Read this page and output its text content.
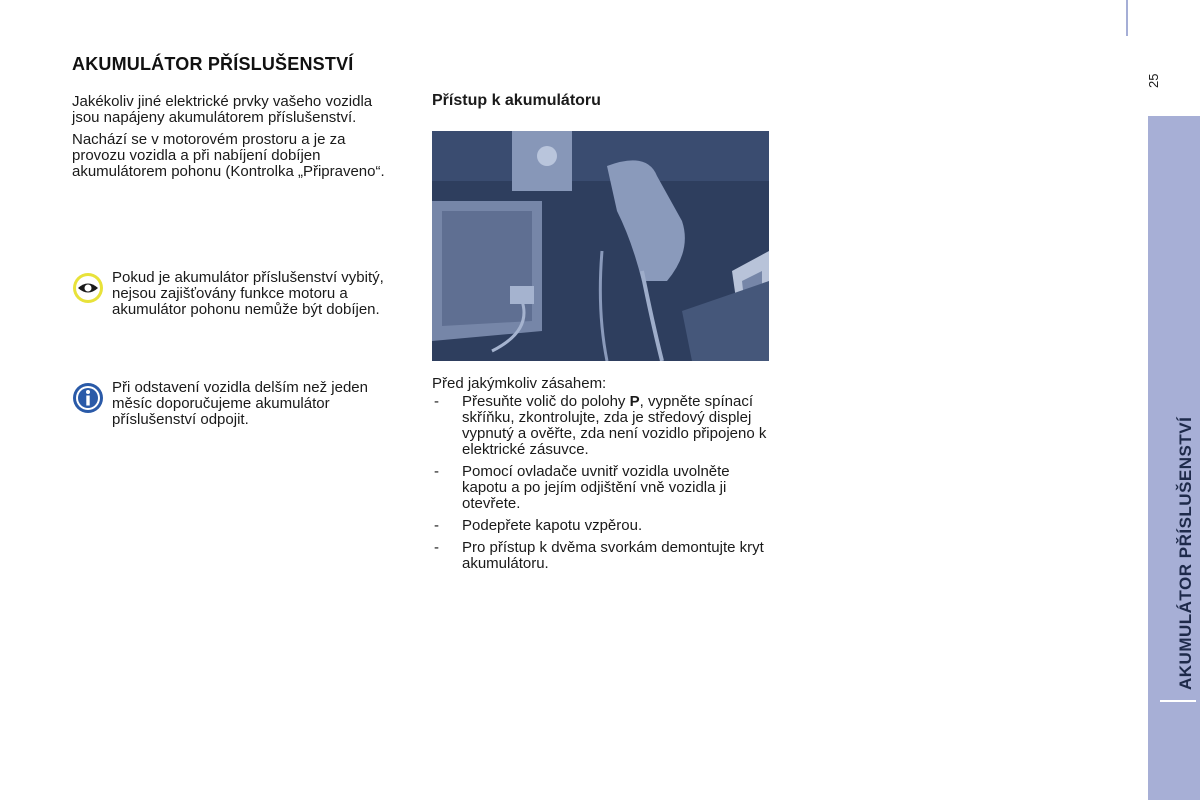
AKUMULÁTOR PŘÍSLUŠENSTVÍ

Jakékoliv jiné elektrické prvky vašeho vozidla jsou napájeny akumulátorem příslušenství.

Nachází se v motorovém prostoru a je za provozu vozidla a při nabíjení dobíjen akumulátorem pohonu (Kontrolka „Připraveno“.

Pokud je akumulátor příslušenství vybitý, nejsou zajišťovány funkce motoru a akumulátor pohonu nemůže být dobíjen.
Při odstavení vozidla delším než jeden měsíc doporučujeme akumulátor příslušenství odpojit.
Přístup k akumulátoru
Před jakýmkoliv zásahem:
- Přesuňte volič do polohy P, vypněte spínací skříňku, zkontrolujte, zda je středový displej vypnutý a ověřte, zda není vozidlo připojeno k elektrické zásuvce.
- Pomocí ovladače uvnitř vozidla uvolněte kapotu a po jejím odjištění vně vozidla ji otevřete.
- Podepřete kapotu vzpěrou.
- Pro přístup k dvěma svorkám demontujte kryt akumulátoru.
25
AKUMULÁTOR PŘÍSLUŠENSTVÍ
